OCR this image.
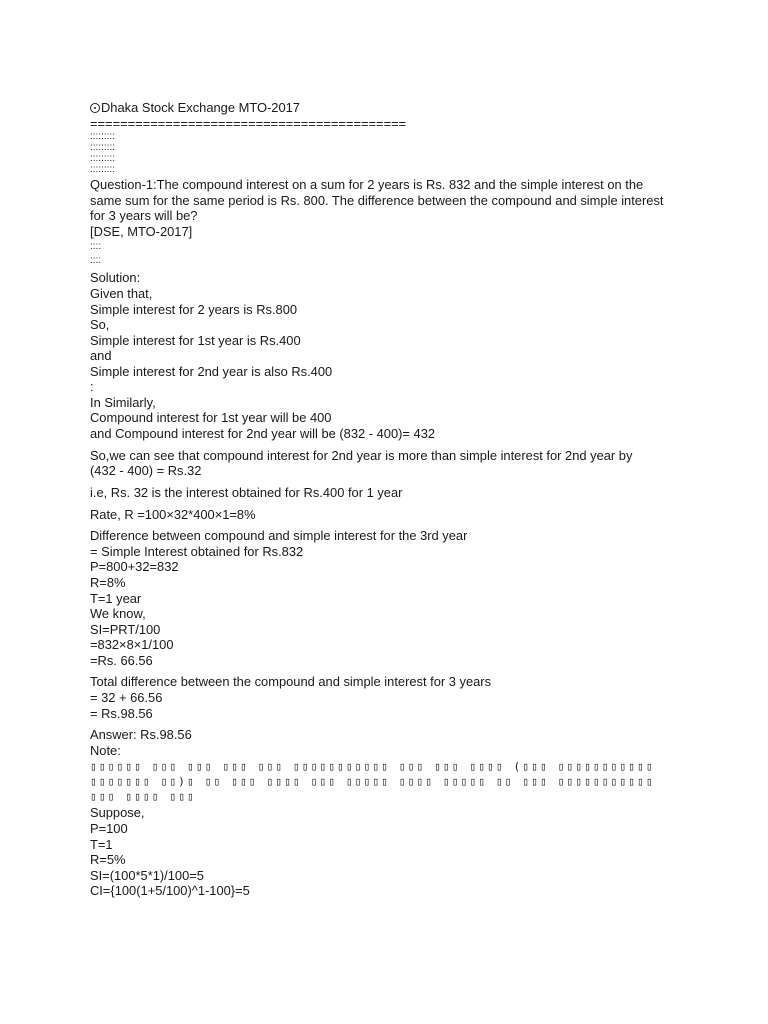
Dhaka Stock Exchange MTO-2017

==========================================

:::::::::

:::::::::

:::::::::

:::::::::

Question-1:The compound interest on a sum for 2 years is Rs. 832 and the simple interest on the

same sum for the same period is Rs. 800. The difference between the compound and simple interest

for 3 years will be?

[DSE, MTO-2017]

::::

::::

Solution:

Given that,

Simple interest for 2 years is Rs.800

So,

Simple interest for 1st year is Rs.400

and

Simple interest for 2nd year is also Rs.400

:

In Similarly,

Compound interest for 1st year will be 400

and Compound interest for 2nd year will be (832 - 400)= 432

So,we can see that compound interest for 2nd year is more than simple interest for 2nd year by

(432 - 400) = Rs.32

i.e, Rs. 32 is the interest obtained for Rs.400 for 1 year

Rate, R =100×32*400×1=8%

Difference between compound and simple interest for the 3rd year

= Simple Interest obtained for Rs.832

P=800+32=832

R=8%

T=1 year

We know,

SI=PRT/100

=832×8×1/100

=Rs. 66.56

Total difference between the compound and simple interest for 3 years

= 32 + 66.56

= Rs.98.56

Answer: Rs.98.56

Note:

▯▯▯▯▯▯ ▯▯▯ ▯▯▯ ▯▯▯ ▯▯▯ ▯▯▯▯▯▯▯▯▯▯▯ ▯▯▯ ▯▯▯ ▯▯▯▯ (▯▯▯ ▯▯▯▯▯▯▯▯▯▯▯

▯▯▯▯▯▯▯ ▯▯)▯ ▯▯ ▯▯▯ ▯▯▯▯ ▯▯▯ ▯▯▯▯▯ ▯▯▯▯ ▯▯▯▯▯ ▯▯ ▯▯▯ ▯▯▯▯▯▯▯▯▯▯▯

▯▯▯ ▯▯▯▯ ▯▯▯

Suppose,

P=100

T=1

R=5%

SI=(100*5*1)/100=5

CI={100(1+5/100)^1-100}=5
